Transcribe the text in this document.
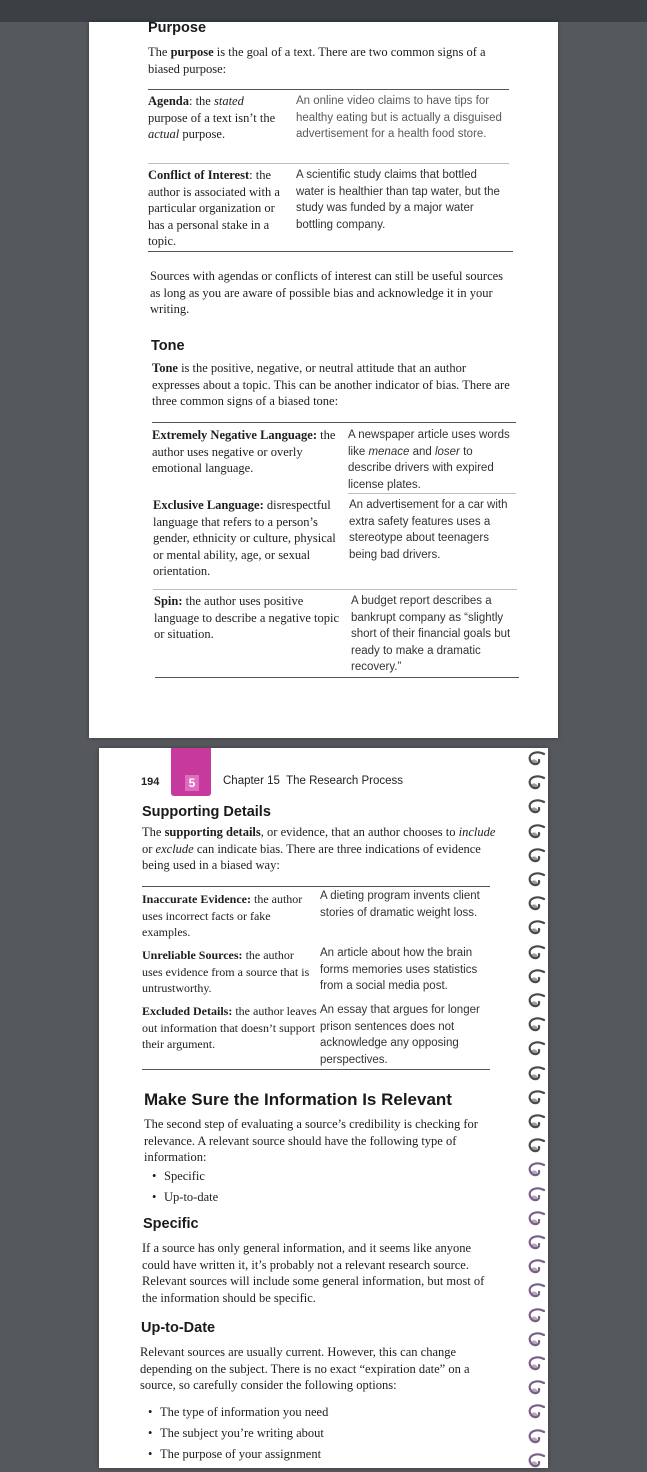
Purpose
The purpose is the goal of a text. There are two common signs of a biased purpose:
Agenda: the stated purpose of a text isn’t the actual purpose.
An online video claims to have tips for healthy eating but is actually a disguised advertisement for a health food store.
Conflict of Interest: the author is associated with a particular organization or has a personal stake in a topic.
A scientific study claims that bottled water is healthier than tap water, but the study was funded by a major water bottling company.
Sources with agendas or conflicts of interest can still be useful sources as long as you are aware of possible bias and acknowledge it in your writing.
Tone
Tone is the positive, negative, or neutral attitude that an author expresses about a topic. This can be another indicator of bias. There are three common signs of a biased tone:
Extremely Negative Language: the author uses negative or overly emotional language.
A newspaper article uses words like menace and loser to describe drivers with expired license plates.
Exclusive Language: disrespectful language that refers to a person’s gender, ethnicity or culture, physical or mental ability, age, or sexual orientation.
An advertisement for a car with extra safety features uses a stereotype about teenagers being bad drivers.
Spin: the author uses positive language to describe a negative topic or situation.
A budget report describes a bankrupt company as “slightly short of their financial goals but ready to make a dramatic recovery.”
5
194	Chapter 15  The Research Process
Supporting Details
The supporting details, or evidence, that an author chooses to include or exclude can indicate bias. There are three indications of evidence being used in a biased way:
Inaccurate Evidence: the author uses incorrect facts or fake examples.
A dieting program invents client stories of dramatic weight loss.
Unreliable Sources: the author uses evidence from a source that is untrustworthy.
An article about how the brain forms memories uses statistics from a social media post.
Excluded Details: the author leaves out information that doesn’t support their argument.
An essay that argues for longer prison sentences does not acknowledge any opposing perspectives.
Make Sure the Information Is Relevant
The second step of evaluating a source’s credibility is checking for relevance. A relevant source should have the following type of information:
• Specific
• Up-to-date
Specific
If a source has only general information, and it seems like anyone could have written it, it’s probably not a relevant research source. Relevant sources will include some general information, but most of the information should be specific.
Up-to-Date
Relevant sources are usually current. However, this can change depending on the subject. There is no exact “expiration date” on a source, so carefully consider the following options:
• The type of information you need
• The subject you’re writing about
• The purpose of your assignment
